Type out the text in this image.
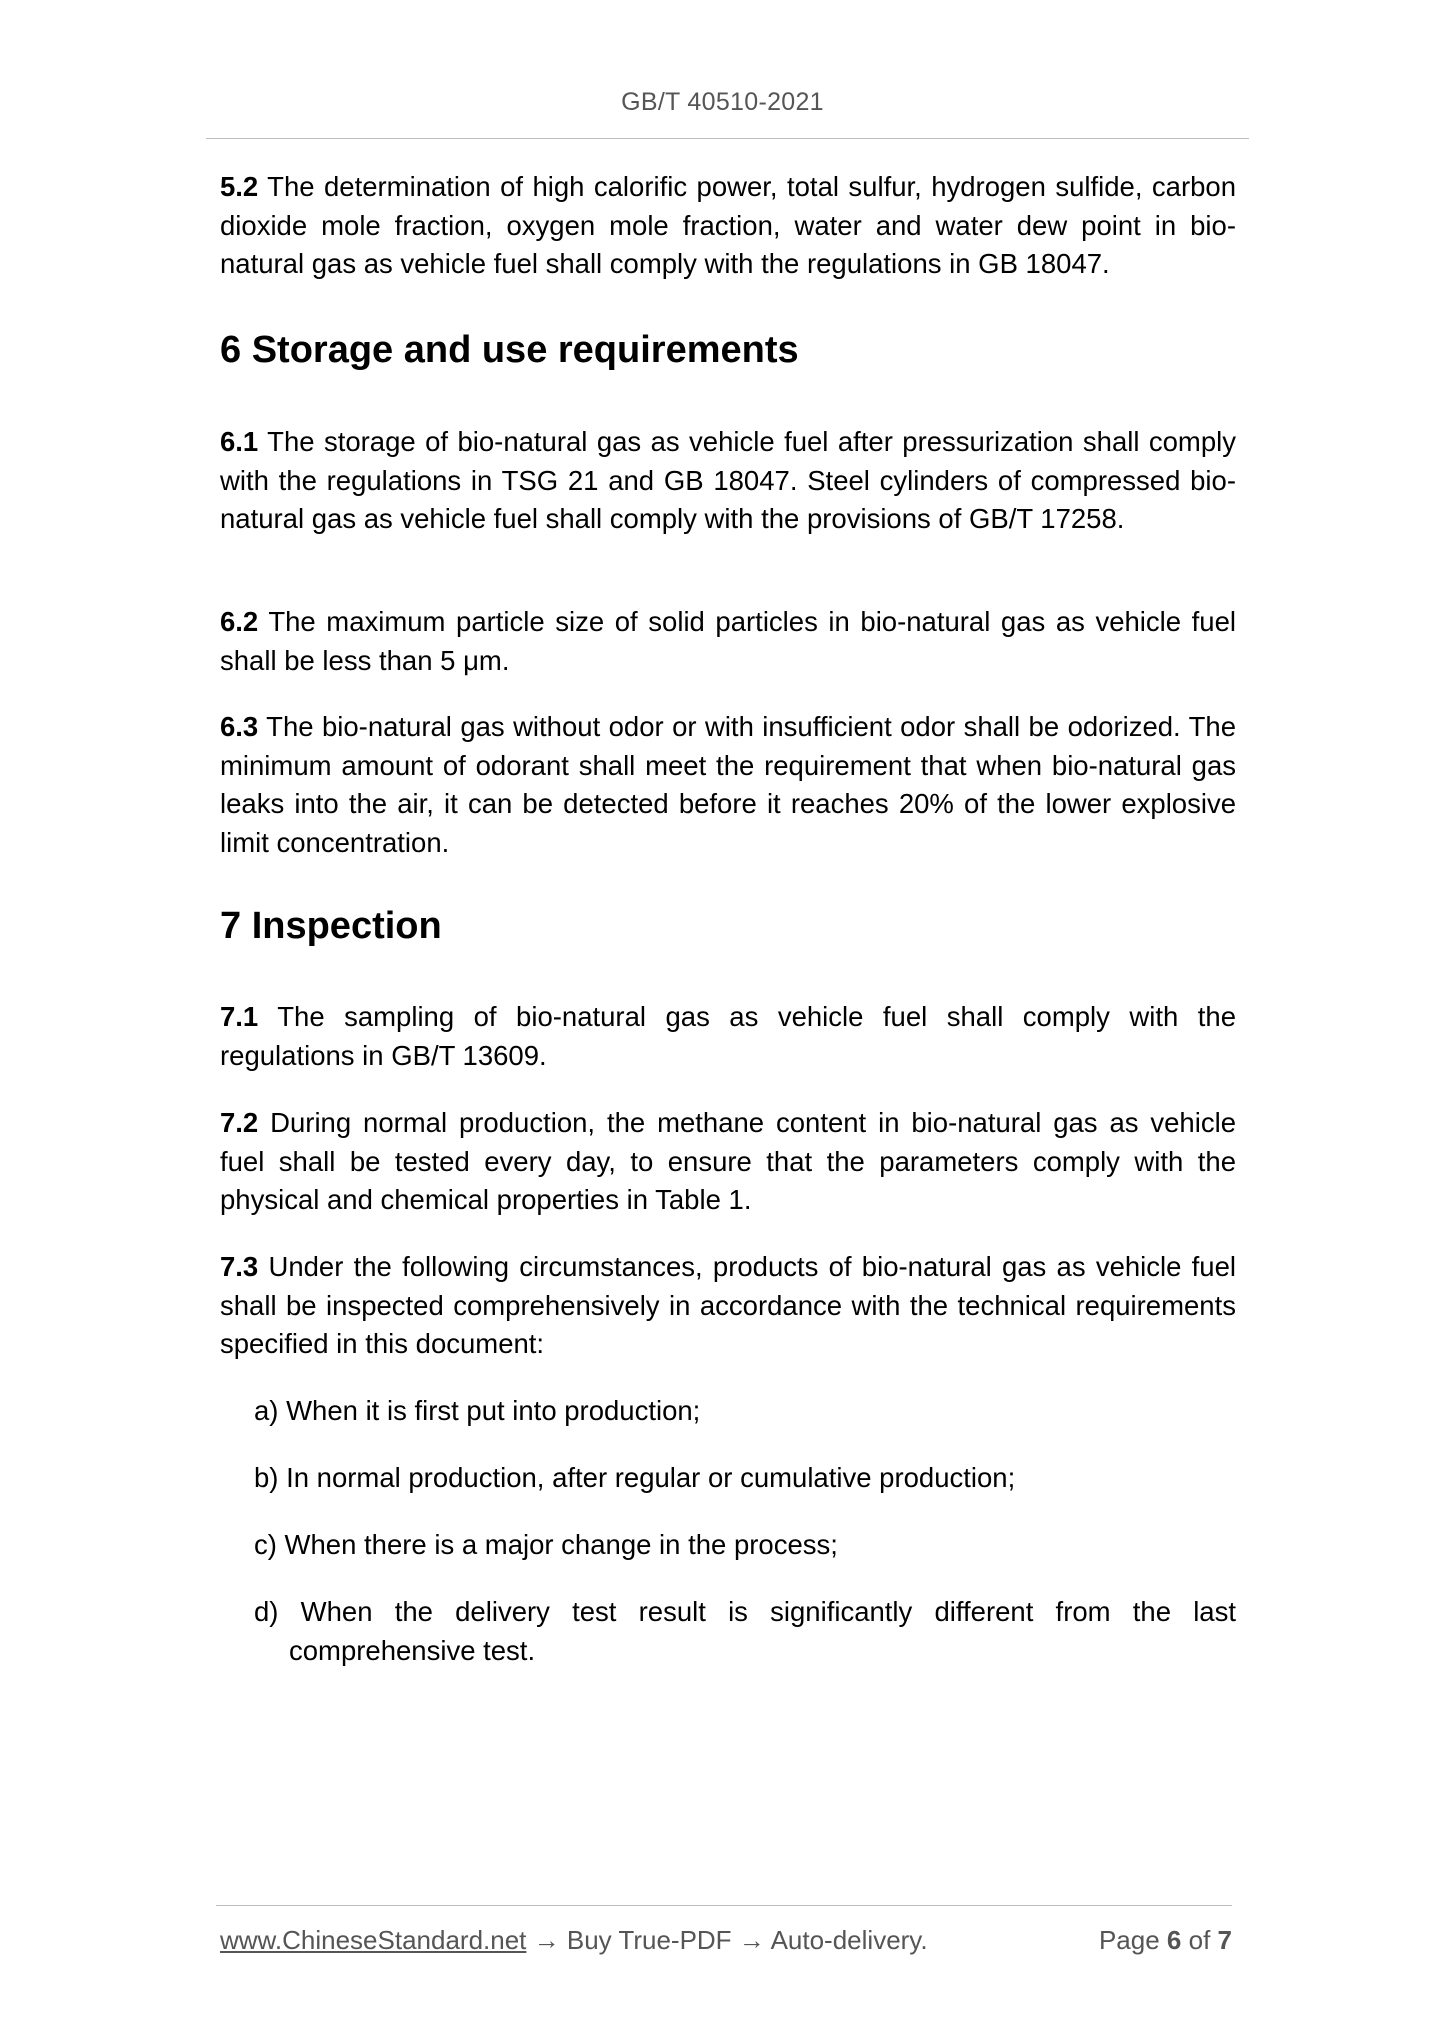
GB/T 40510-2021
5.2 The determination of high calorific power, total sulfur, hydrogen sulfide, carbon dioxide mole fraction, oxygen mole fraction, water and water dew point in bio-natural gas as vehicle fuel shall comply with the regulations in GB 18047.
6 Storage and use requirements
6.1 The storage of bio-natural gas as vehicle fuel after pressurization shall comply with the regulations in TSG 21 and GB 18047. Steel cylinders of compressed bio-natural gas as vehicle fuel shall comply with the provisions of GB/T 17258.
6.2 The maximum particle size of solid particles in bio-natural gas as vehicle fuel shall be less than 5 μm.
6.3 The bio-natural gas without odor or with insufficient odor shall be odorized. The minimum amount of odorant shall meet the requirement that when bio-natural gas leaks into the air, it can be detected before it reaches 20% of the lower explosive limit concentration.
7 Inspection
7.1 The sampling of bio-natural gas as vehicle fuel shall comply with the regulations in GB/T 13609.
7.2 During normal production, the methane content in bio-natural gas as vehicle fuel shall be tested every day, to ensure that the parameters comply with the physical and chemical properties in Table 1.
7.3 Under the following circumstances, products of bio-natural gas as vehicle fuel shall be inspected comprehensively in accordance with the technical requirements specified in this document:
a) When it is first put into production;
b) In normal production, after regular or cumulative production;
c) When there is a major change in the process;
d) When the delivery test result is significantly different from the last comprehensive test.
www.ChineseStandard.net → Buy True-PDF → Auto-delivery.	Page 6 of 7
